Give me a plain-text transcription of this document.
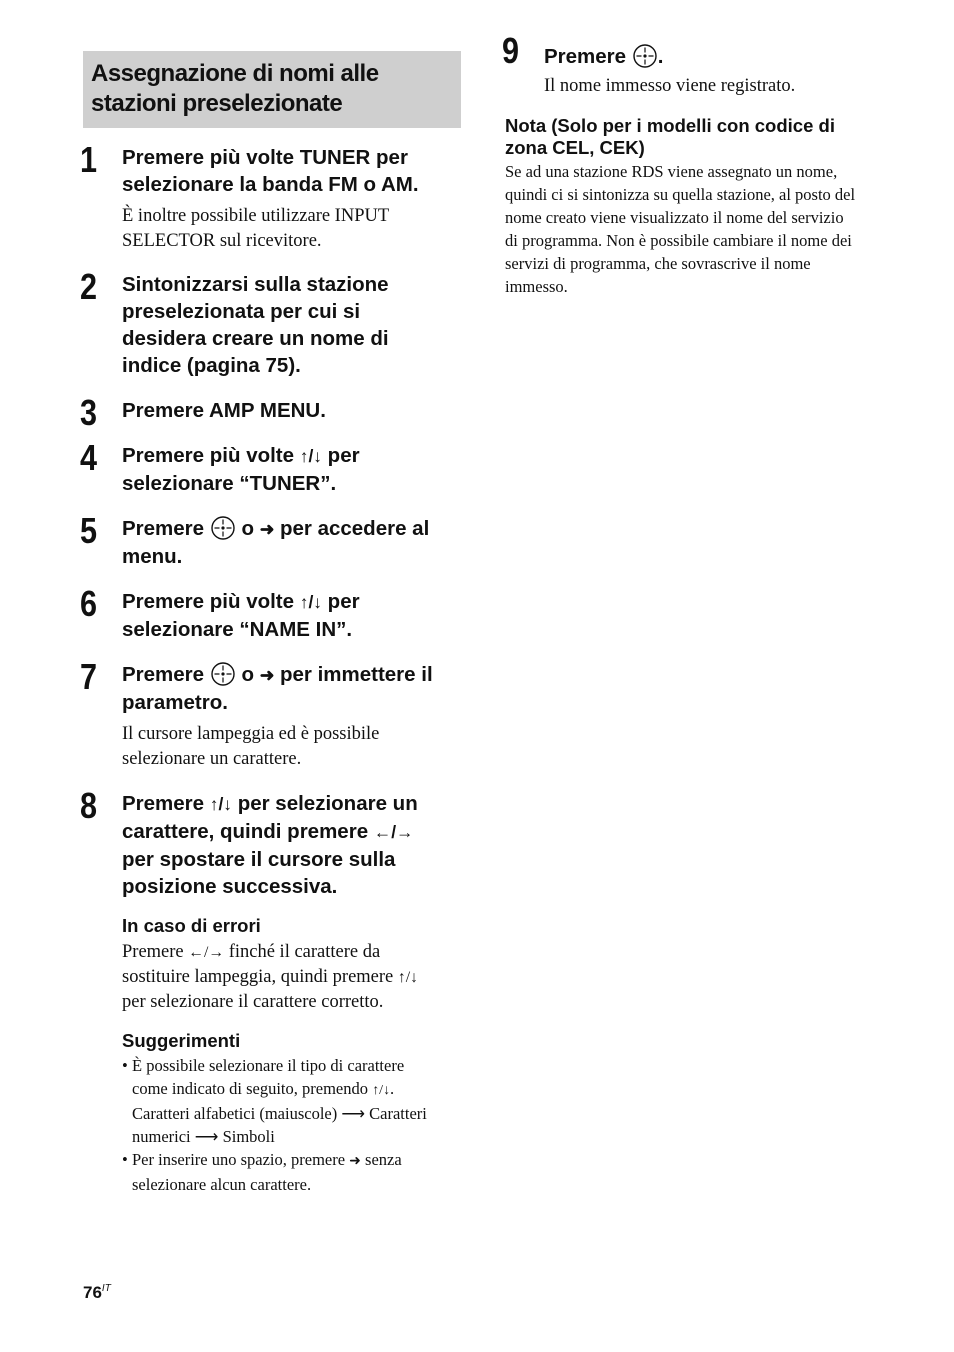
Assegnazione di nomi alle
stazioni preselezionate
1 Premere più volte TUNER per
selezionare la banda FM o AM.

È inoltre possibile utilizzare INPUT
SELECTOR sul ricevitore.

2 Sintonizzarsi sulla stazione
preselezionata per cui si
desidera creare un nome di
indice (pagina 75).

3 Premere AMP MENU.

4 Premere più volte ↑/↓ per
selezionare “TUNER”.

5 Premere  o ➜ per accedere al
menu.

6 Premere più volte ↑/↓ per
selezionare “NAME IN”.

7 Premere  o ➜ per immettere il
parametro.

Il cursore lampeggia ed è possibile
selezionare un carattere.

8 Premere ↑/↓ per selezionare un
carattere, quindi premere ←/→
per spostare il cursore sulla
posizione successiva.

In caso di errori

Premere ←/→ finché il carattere da
sostituire lampeggia, quindi premere ↑/↓
per selezionare il carattere corretto.

Suggerimenti

• È possibile selezionare il tipo di carattere
come indicato di seguito, premendo ↑/↓.
Caratteri alfabetici (maiuscole) ⟶ Caratteri
numerici ⟶ Simboli
• Per inserire uno spazio, premere ➜ senza
selezionare alcun carattere.
9 Premere .

Il nome immesso viene registrato.

Nota (Solo per i modelli con codice di
zona CEL, CEK)

Se ad una stazione RDS viene assegnato un nome,
quindi ci si sintonizza su quella stazione, al posto del
nome creato viene visualizzato il nome del servizio
di programma. Non è possibile cambiare il nome dei
servizi di programma, che sovrascrive il nome
immesso.

$76^{IT}$
